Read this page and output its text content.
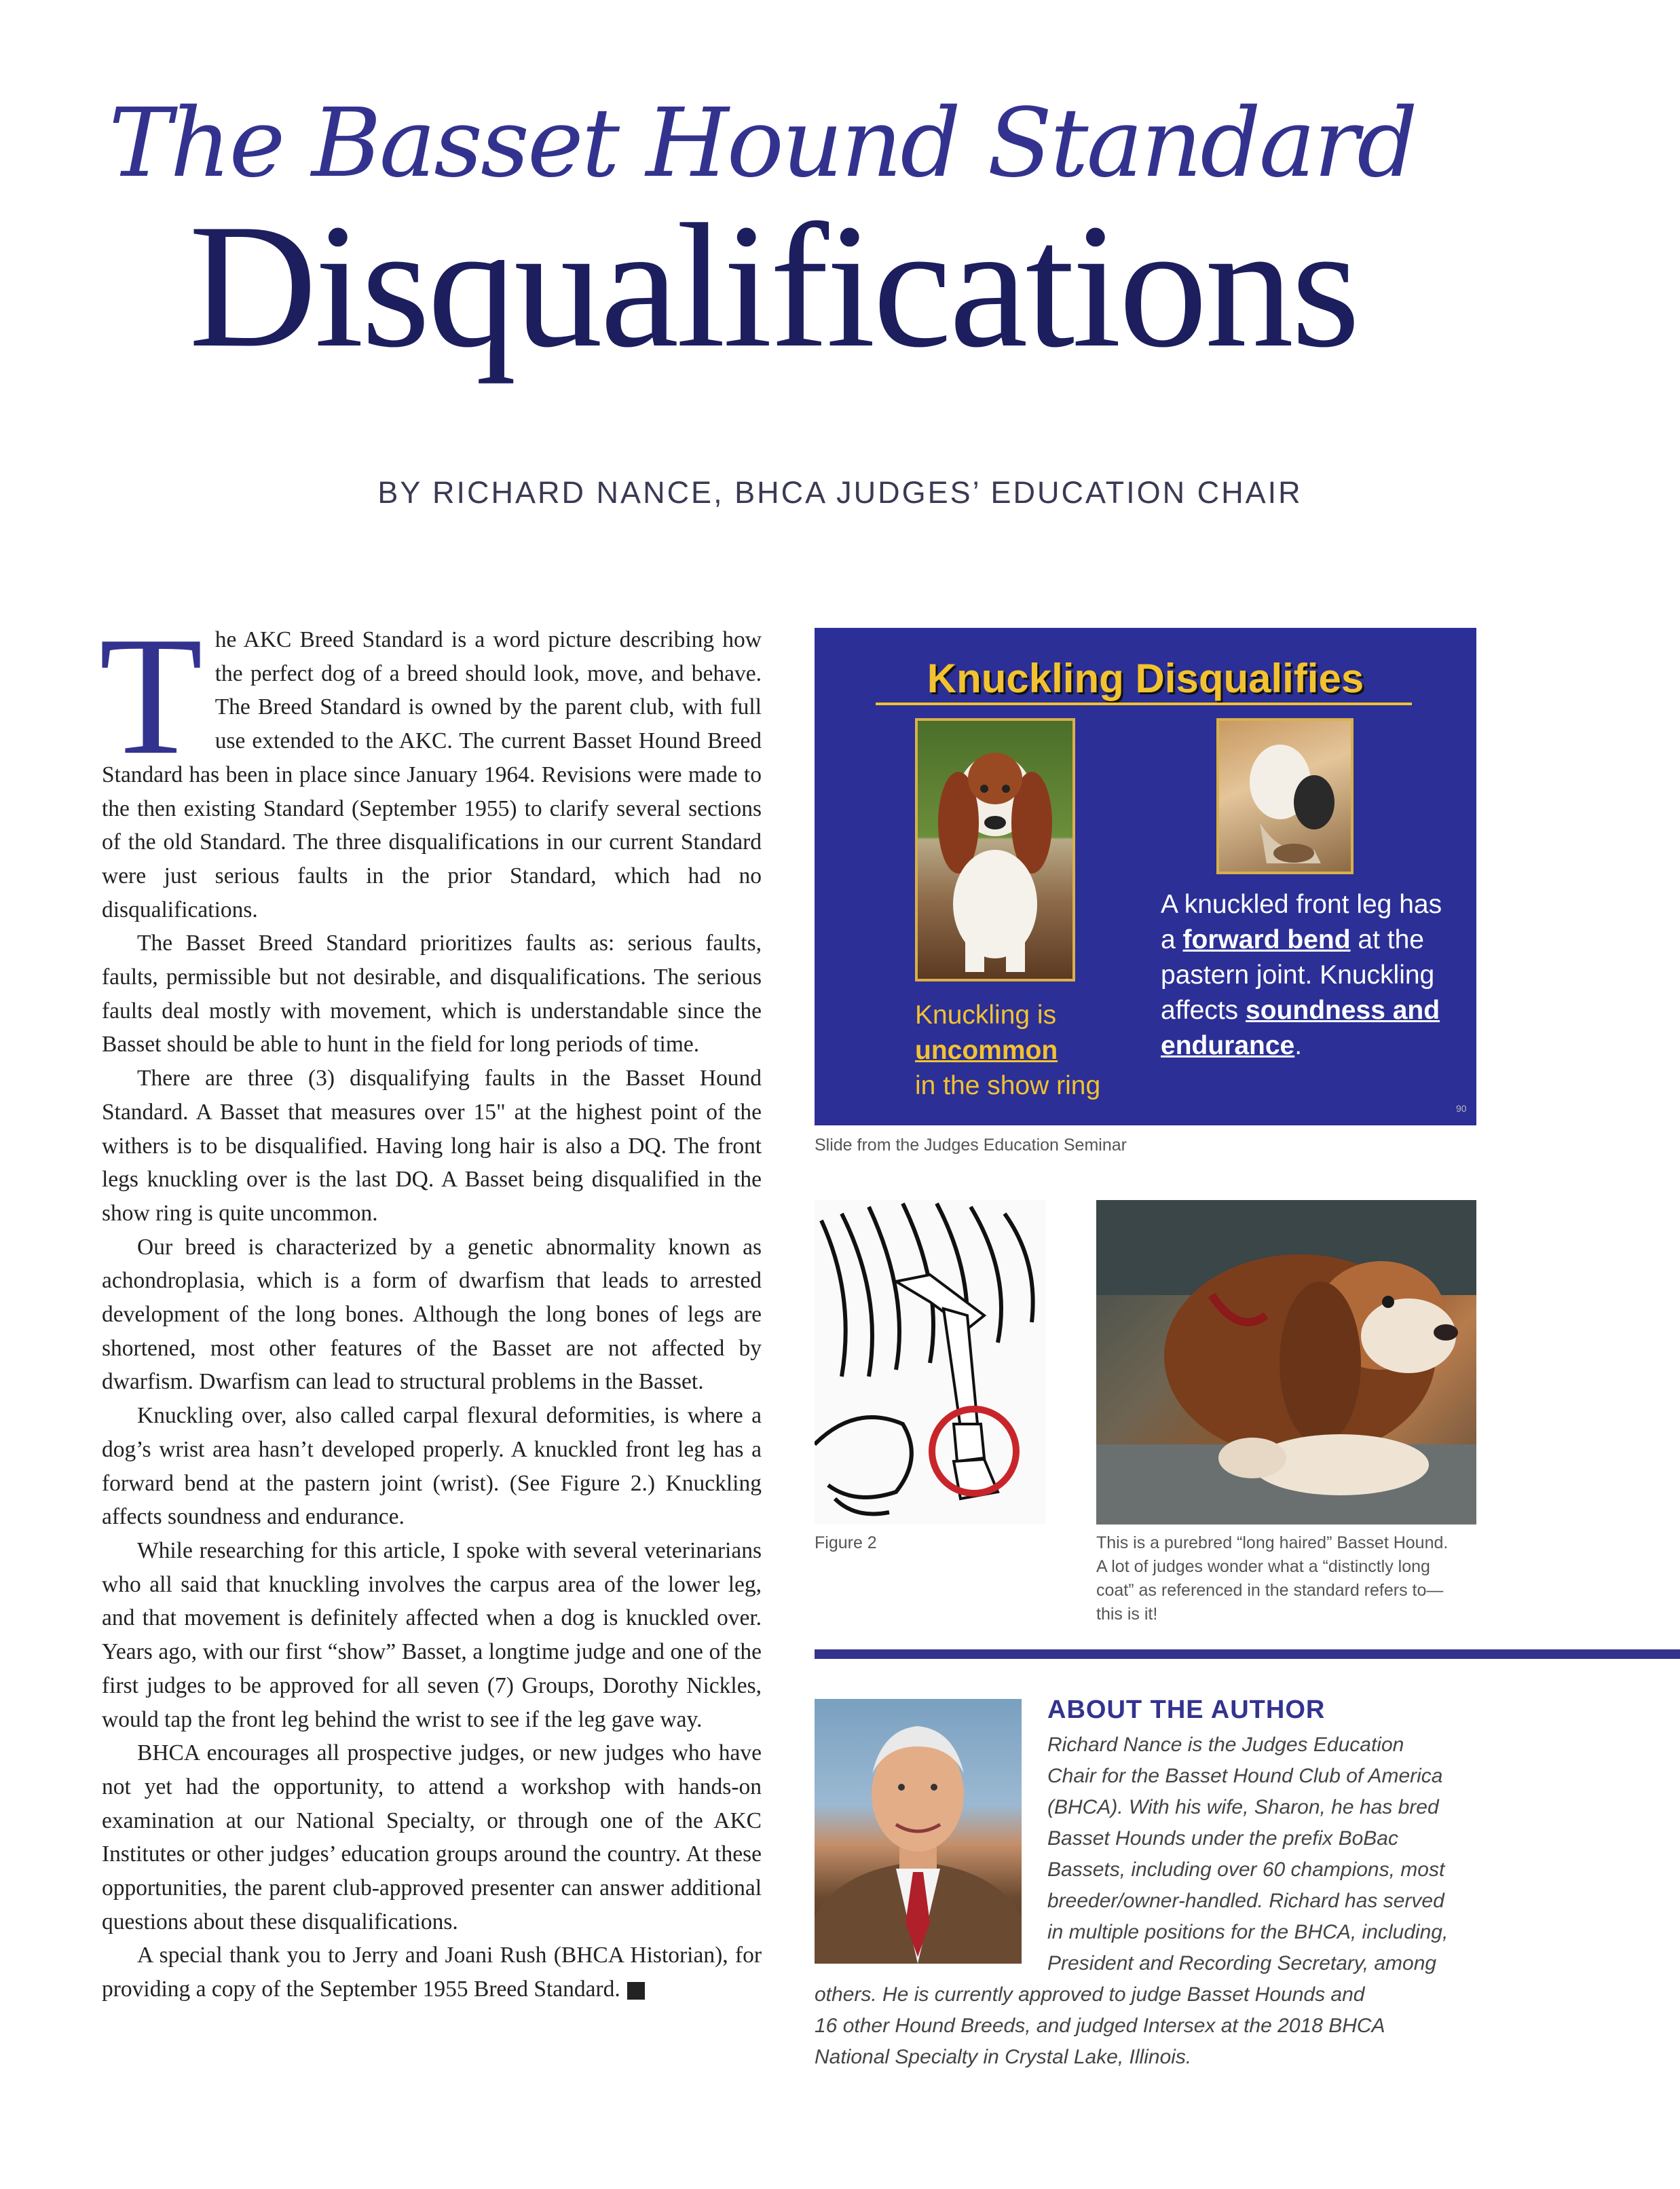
The Basset Hound Standard
Disqualifications
BY RICHARD NANCE, BHCA JUDGES’ EDUCATION CHAIR

The AKC Breed Standard is a word picture describing how the perfect dog of a breed should look, move, and behave. The Breed Standard is owned by the parent club, with full use extended to the AKC. The current Basset Hound Breed Standard has been in place since January 1964. Revisions were made to the then existing Standard (September 1955) to clarify several sections of the old Standard. The three disqualifications in our current Standard were just serious faults in the prior Standard, which had no disqualifications.

The Basset Breed Standard prioritizes faults as: serious faults, faults, permissible but not desirable, and disqualifications. The serious faults deal mostly with movement, which is understandable since the Basset should be able to hunt in the field for long periods of time.

There are three (3) disqualifying faults in the Basset Hound Standard. A Basset that measures over 15" at the highest point of the withers is to be disqualified. Having long hair is also a DQ. The front legs knuckling over is the last DQ. A Basset being disqualified in the show ring is quite uncommon.

Our breed is characterized by a genetic abnormality known as achondroplasia, which is a form of dwarfism that leads to arrested development of the long bones. Although the long bones of legs are shortened, most other features of the Basset are not affected by dwarfism. Dwarfism can lead to structural problems in the Basset.

Knuckling over, also called carpal flexural deformities, is where a dog’s wrist area hasn’t developed properly. A knuckled front leg has a forward bend at the pastern joint (wrist). (See Figure 2.) Knuckling affects soundness and endurance.

While researching for this article, I spoke with several veterinarians who all said that knuckling involves the carpus area of the lower leg, and that movement is definitely affected when a dog is knuckled over. Years ago, with our first “show” Basset, a longtime judge and one of the first judges to be approved for all seven (7) Groups, Dorothy Nickles, would tap the front leg behind the wrist to see if the leg gave way.

BHCA encourages all prospective judges, or new judges who have not yet had the opportunity, to attend a workshop with hands-on examination at our National Specialty, or through one of the AKC Institutes or other judges’ education groups around the country. At these opportunities, the parent club-approved presenter can answer additional questions about these disqualifications.

A special thank you to Jerry and Joani Rush (BHCA Historian), for providing a copy of the September 1955 Breed Standard.

Knuckling Disqualifies
Knuckling is
uncommon
in the show ring
A knuckled front leg has a forward bend at the pastern joint. Knuckling affects soundness and endurance.
90
Slide from the Judges Education Seminar
Figure 2	This is a purebred “long haired” Basset Hound. A lot of judges wonder what a “distinctly long coat” as referenced in the standard refers to—this is it!
ABOUT THE AUTHOR
Richard Nance is the Judges Education
Chair for the Basset Hound Club of America
(BHCA). With his wife, Sharon, he has bred
Basset Hounds under the prefix BoBac
Bassets, including over 60 champions, most
breeder/owner-handled. Richard has served
in multiple positions for the BHCA, including,
President and Recording Secretary, among
others. He is currently approved to judge Basset Hounds and
16 other Hound Breeds, and judged Intersex at the 2018 BHCA
National Specialty in Crystal Lake, Illinois.
